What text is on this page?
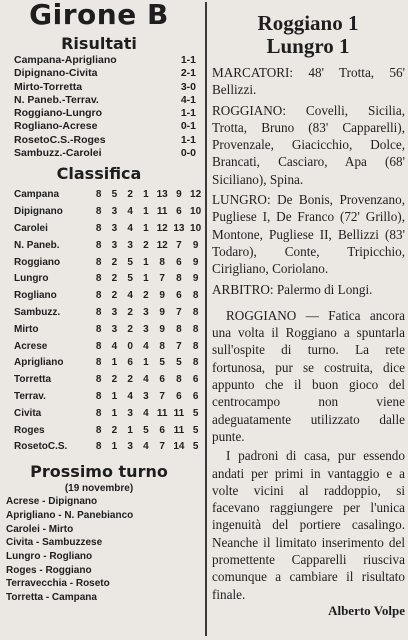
Girone B
Risultati
Campana-Aprigliano	1-1
Dipignano-Civita	2-1
Mirto-Torretta	3-0
N. Paneb.-Terrav.	4-1
Roggiano-Lungro	1-1
Rogliano-Acrese	0-1
RosetoC.S.-Roges	1-1
Sambuzz.-Carolei	0-0
Classifica
Campana	8	5	2	1 13 9 12
Dipignano	8	3	4	1 11 6 10
Carolei	8	3	4	1 12 13 10
N. Paneb.	8	3	3	2 12 7	9
Roggiano	8	2	5	1	8	6	9
Lungro	8	2	5	1	7	8	9
Rogliano	8	2	4	2	9	6	8
Sambuzz.	8	3	2	3	9	7	8
Mirto	8	3	2	3	9	8	8
Acrese	8	4	0	4	8	7	8
Aprigliano	8	1	6	1	5	5	8
Torretta	8	2	2	4	6	8	6
Terrav.	8	1	4	3	7	6	6
Civita	8	1	3	4 11 11 5
Roges	8	2	1	5	6 11 5
RosetoC.S.	8	1	3	4	7 14 5
Prossimo turno
(19 novembre)
Acrese - Dipignano
Aprigliano - N. Panebianco
Carolei - Mirto
Civita - Sambuzzese
Lungro - Rogliano
Roges - Roggiano
Terravecchia - Roseto
Torretta - Campana
Roggiano 1
Lungro 1
MARCATORI: 48' Trotta, 56' Bellizzi.
ROGGIANO: Covelli, Sicilia, Trotta, Bruno (83' Capparelli), Provenzale, Giacicchio, Dolce, Brancati, Casciaro, Apa (68' Siciliano), Spina.
LUNGRO: De Bonis, Provenzano, Pugliese I, De Franco (72' Grillo), Montone, Pugliese II, Bellizzi (83' Todaro), Conte, Tripicchio, Cirigliano, Coriolano.
ARBITRO: Palermo di Longi.
ROGGIANO — Fatica ancora una volta il Roggiano a spuntarla sull'ospite di turno. La rete fortunosa, pur se costruita, dice appunto che il buon gioco del centrocampo non viene adeguatamente utilizzato dalle punte.
I padroni di casa, pur essendo andati per primi in vantaggio e a volte vicini al raddoppio, si facevano raggiungere per l'unica ingenuità del portiere casalingo. Neanche il limitato inserimento del promettente Capparelli riusciva comunque a cambiare il risultato finale.
Alberto Volpe
